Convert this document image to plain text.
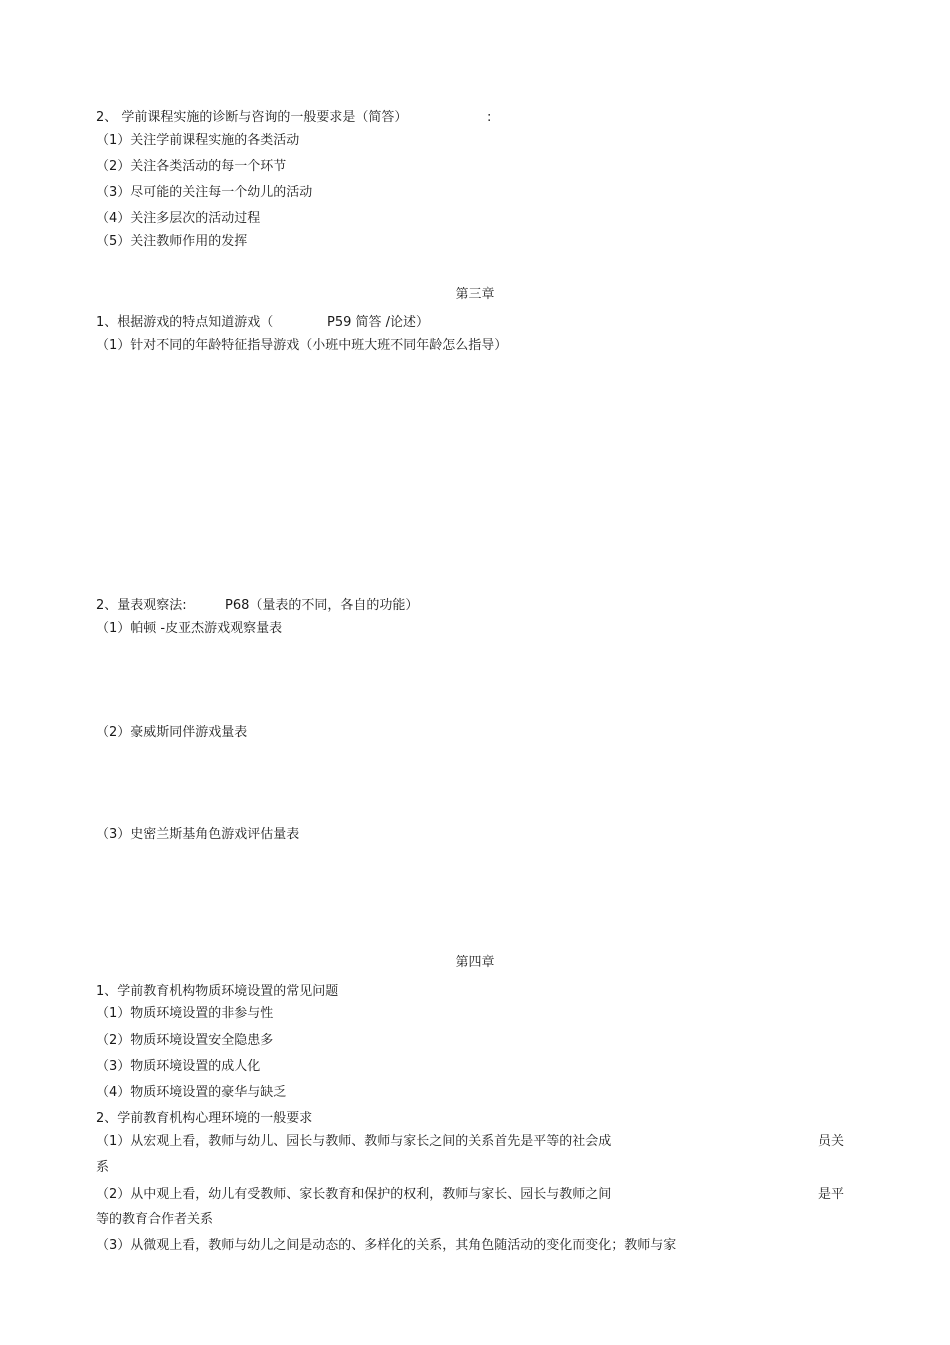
2、 学前课程实施的诊断与咨询的一般要求是（简答）	:
（1）关注学前课程实施的各类活动
（2）关注各类活动的每一个环节
（3）尽可能的关注每一个幼儿的活动
（4）关注多层次的活动过程
（5）关注教师作用的发挥
第三章
1、根据游戏的特点知道游戏（	P59 简答 /论述）
（1）针对不同的年龄特征指导游戏（小班中班大班不同年龄怎么指导）
2、量表观察法:	P68（量表的不同，各自的功能）
（1）帕顿 -皮亚杰游戏观察量表
（2）豪威斯同伴游戏量表
（3）史密兰斯基角色游戏评估量表
第四章
1、学前教育机构物质环境设置的常见问题
（1）物质环境设置的非参与性
（2）物质环境设置安全隐患多
（3）物质环境设置的成人化
（4）物质环境设置的豪华与缺乏
2、学前教育机构心理环境的一般要求
（1）从宏观上看，教师与幼儿、园长与教师、教师与家长之间的关系首先是平等的社会成	员关
系
（2）从中观上看，幼儿有受教师、家长教育和保护的权利，教师与家长、园长与教师之间	是平
等的教育合作者关系
（3）从微观上看，教师与幼儿之间是动态的、多样化的关系，其角色随活动的变化而变化；教师与家
